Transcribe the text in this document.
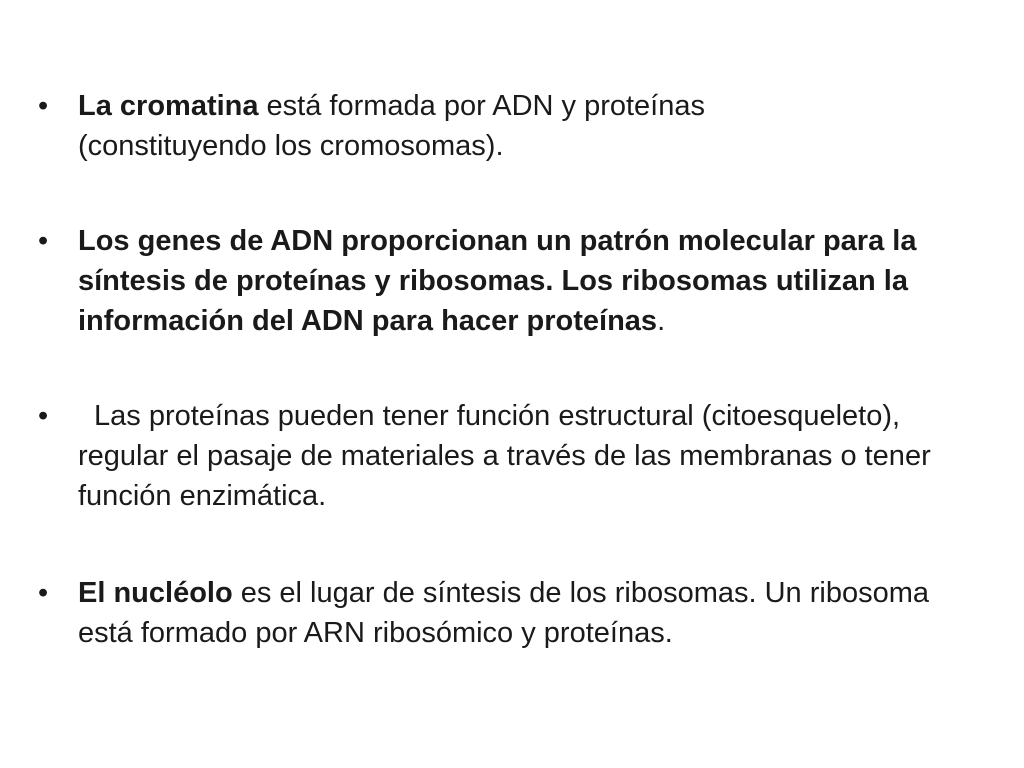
• La cromatina está formada por ADN y proteínas (constituyendo los cromosomas).
• Los genes de ADN proporcionan un patrón molecular para la síntesis de proteínas y ribosomas. Los ribosomas utilizan la información del ADN para hacer proteínas.
•	Las proteínas pueden tener función estructural (citoesqueleto), regular el pasaje de materiales a través de las membranas o tener función enzimática.
• El nucléolo es el lugar de síntesis de los ribosomas. Un ribosoma está formado por ARN ribosómico y proteínas.
